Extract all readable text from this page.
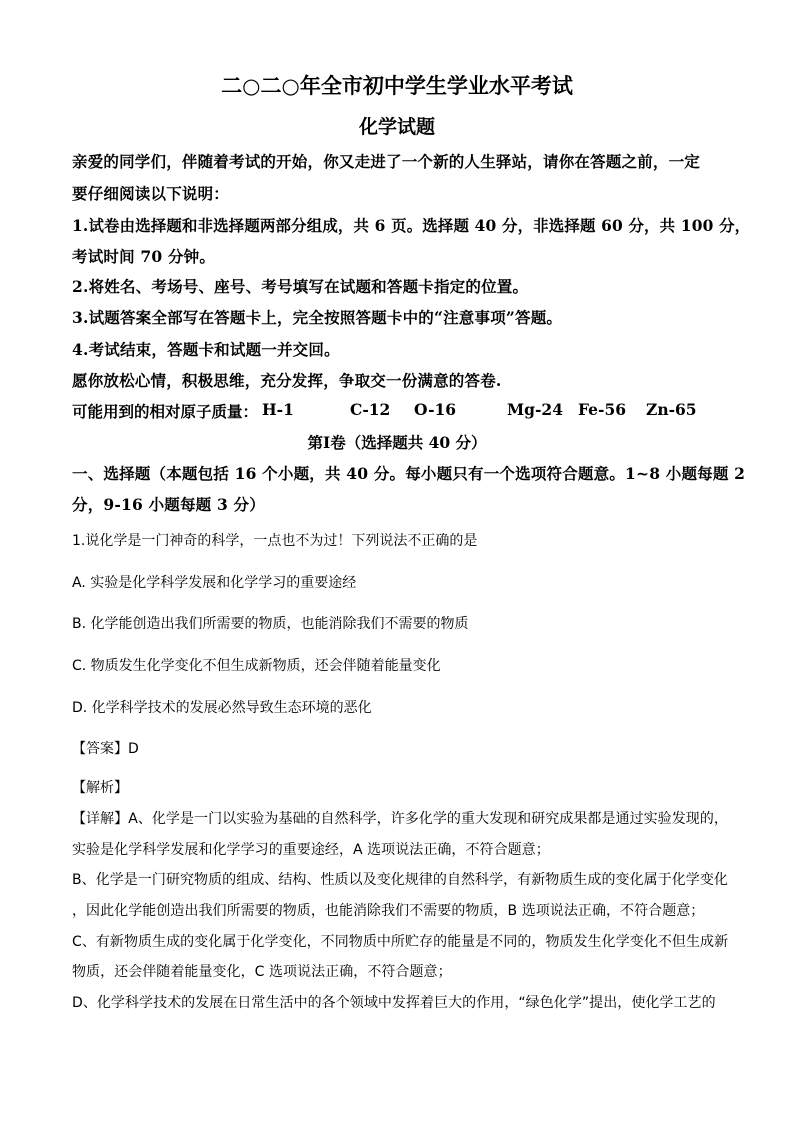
二○二○年全市初中学生学业水平考试
化学试题
亲爱的同学们，伴随着考试的开始，你又走进了一个新的人生驿站，请你在答题之前，一定
要仔细阅读以下说明：
1.试卷由选择题和非选择题两部分组成，共 6 页。选择题 40 分，非选择题 60 分，共 100 分，
考试时间 70 分钟。
2.将姓名、考场号、座号、考号填写在试题和答题卡指定的位置。
3.试题答案全部写在答题卡上，完全按照答题卡中的“注意事项”答题。
4.考试结束，答题卡和试题一并交回。
愿你放松心情，积极思维，充分发挥，争取交一份满意的答卷.
可能用到的相对原子质量： H-1	C-12 O-16	Mg-24 Fe-56 Zn-65
第Ⅰ卷（选择题共 40 分）
一、选择题（本题包括 16 个小题，共 40 分。每小题只有一个选项符合题意。1~8 小题每题 2
分，9-16 小题每题 3 分）
1.说化学是一门神奇的科学，一点也不为过！下列说法不正确的是
A. 实验是化学科学发展和化学学习的重要途经
B. 化学能创造出我们所需要的物质，也能消除我们不需要的物质
C. 物质发生化学变化不但生成新物质，还会伴随着能量变化
D. 化学科学技术的发展必然导致生态环境的恶化
【答案】D
【解析】
【详解】A、化学是一门以实验为基础的自然科学，许多化学的重大发现和研究成果都是通过实验发现的，
实验是化学科学发展和化学学习的重要途经，A 选项说法正确，不符合题意；
B、化学是一门研究物质的组成、结构、性质以及变化规律的自然科学，有新物质生成的变化属于化学变化
，因此化学能创造出我们所需要的物质，也能消除我们不需要的物质，B 选项说法正确，不符合题意；
C、有新物质生成的变化属于化学变化，不同物质中所贮存的能量是不同的，物质发生化学变化不但生成新
物质，还会伴随着能量变化，C 选项说法正确，不符合题意；
D、化学科学技术的发展在日常生活中的各个领域中发挥着巨大的作用，“绿色化学”提出，使化学工艺的
